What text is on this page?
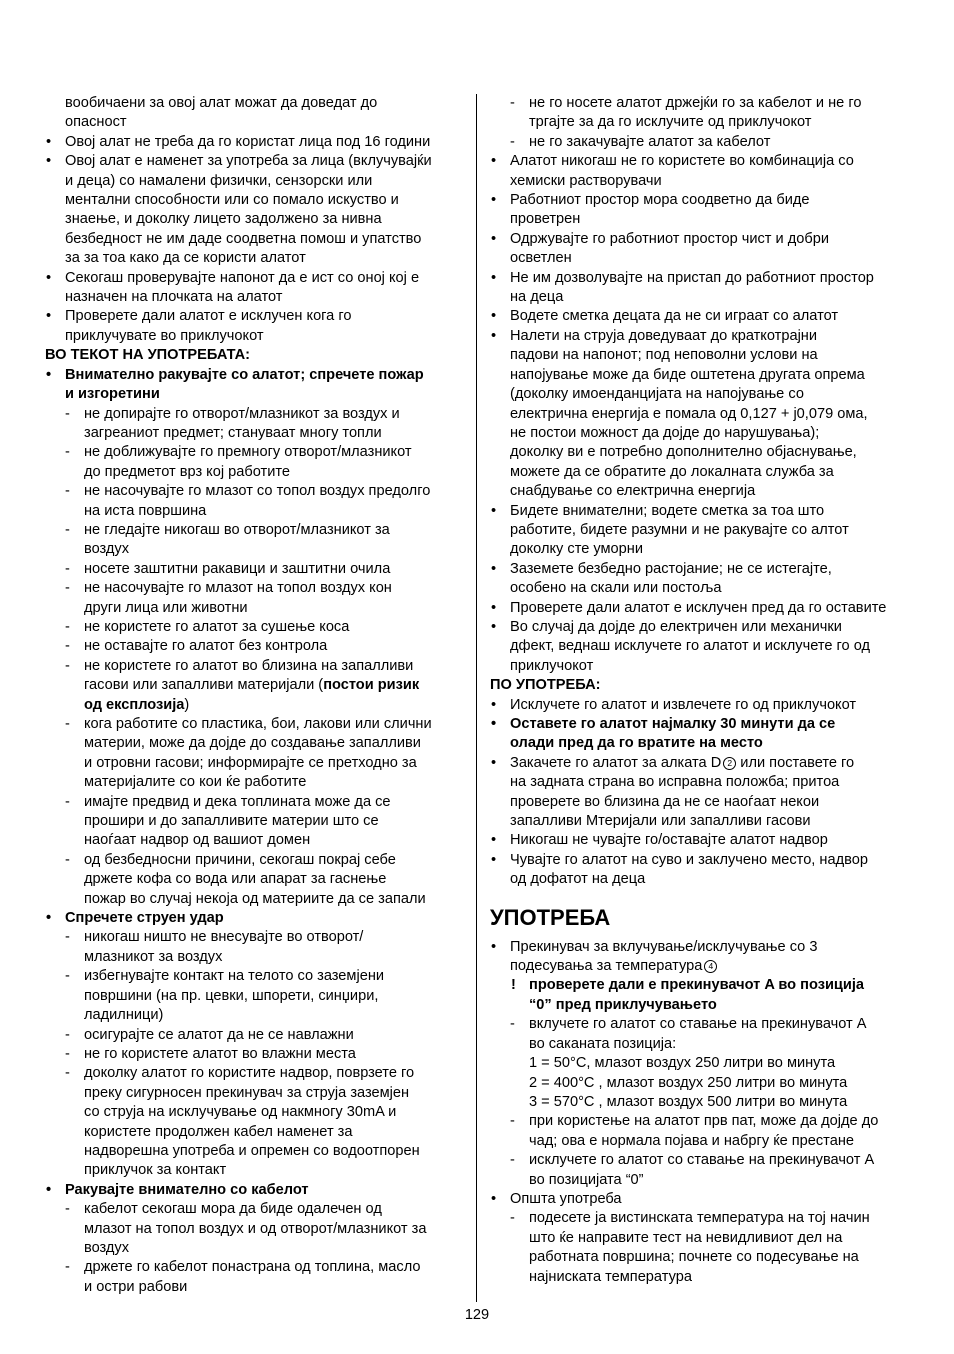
вообичаени за овој алат можат да доведат до
опасност
• Овој алат не треба да го користат лица под 16 години
• Овој алат е наменет за употреба за лица (вклучувајќи
и деца) со намалени физички, сензорски или
ментални способности или со помало искуство и
знаење, и доколку лицето задолжено за нивна
безбедност не им даде соодветна помош и упатство
за за тоа како да се користи алатот
• Секогаш проверувајте напонот да е ист со оној кој е
назначен на плочката на алатот
• Проверете дали алатот е исклучен кога го
приклучувате во приклучокот
ВО ТЕКОТ НА УПОТРЕБАТА:
• Внимателно ракувајте со алатот; спречете пожар
и изгоретини
- не допирајте го отворот/млазникот за воздух и
загреаниот предмет; стануваат многу топли
- не доближувајте го премногу отворот/млазникот
до предметот врз кој работите
- не насочувајте го млазот со топол воздух предолго
на иста површина
- не гледајте никогаш во отворот/млазникот за
воздух
- носете заштитни ракавици и заштитни очила
- не насочувајте го млазот на топол воздух кон
други лица или животни
- не користете го алатот за сушење коса
- не оставајте го алатот без контрола
- не користете го алатот во близина на запалливи
гасови или запалливи материјали (постои ризик
од експлозија)
- кога работите со пластика, бои, лакови или слични
материи, може да дојде до создавање запалливи
и отровни гасови; информирајте се претходно за
материјалите со кои ќе работите
- имајте предвид и дека топлината може да се
прошири и до запалливите материи што се
наоѓаат надвор од вашиот домен
- од безбедносни причини, секогаш покрај себе
држете кофа со вода или апарат за гаснење
пожар во случај некоја од материите да се запали
• Спречете струен удар
- никогаш ништо не внесувајте во отворот/
млазникот за воздух
- избегнувајте контакт на телото со заземјени
површини (на пр. цевки, шпорети, синџири,
ладилници)
- осигурајте се алатот да не се навлажни
- не го користете алатот во влажни места
- доколку алатот го користите надвор, поврзете го
преку сигурносен прекинувач за струја заземјен
со струја на исклучување од накмногу 30mA и
користете продолжен кабел наменет за
надворешна употреба и опремен со водоотпорен
приклучок за контакт
• Ракувајте внимателно со кабелот
- кабелот секогаш мора да биде одалечен од
млазот на топол воздух и од отворот/млазникот за
воздух
- држете го кабелот понастрана од топлина, масло
и остри рабови
- не го носете алатот држејќи го за кабелот и не го
тргајте за да го исклучите од приклучокот
- не го закачувајте алатот за кабелот
• Алатот никогаш не го користете во комбинација со
хемиски растворувачи
• Работниот простор мора соодветно да биде
проветрен
• Одржувајте го работниот простор чист и добри
осветлен
• Не им дозволувајте на пристап до работниот простор
на деца
• Водете сметка децата да не си играат со алатот
• Налети на струја доведуваат до краткотрајни
падови на напонот; под неповолни услови на
напојување може да биде оштетена другата опрема
(доколку имоенданцијата на напојување со
електрична енергија е помала од 0,127 + j0,079 ома,
не постои можност да дојде до нарушувања);
доколку ви е потребно дополнително објаснување,
можете да се обратите до локалната служба за
снабдување со електрична енергија
• Бидете внимателни; водете сметка за тоа што
работите, бидете разумни и не ракувајте со алтот
доколку сте уморни
• Заземете безбедно растојание; не се истегајте,
особено на скали или постоља
• Проверете дали алатот е исклучен пред да го оставите
• Во случај да дојде до електричен или механички
дфект, веднаш исклучете го алатот и исклучете го од
приклучокот
ПО УПОТРЕБА:
• Исклучете го алатот и извлечете го од приклучокот
• Оставете го алатот најмалку 30 минути да се
олади пред да го вратите на место
• Закачете го алатот за алката D 2 или поставете го
на задната страна во исправна положба; притоа
проверете во близина да не се наоѓаат некои
запалливи Мтеријали или запалливи гасови
• Никогаш не чувајте го/оставајте алатот надвор
• Чувајте го алатот на суво и заклучено место, надвор
од дофатот на деца
УПОТРЕБА
• Прекинувач за вклучување/исклучување со 3
подесувања за температура 4
! проверете дали е прекинувачот A во позиција
“0” пред приклучувањето
- вклучете го алатот со ставање на прекинувачот A
во саканата позиција:
1 = 50°C, млазот воздух 250 литри во минута
2 = 400°C , млазот воздух 250 литри во минута
3 = 570°C , млазот воздух 500 литри во минута
- при користење на алатот прв пат, може да дојде до
чад; ова е нормала појава и набргу ќе престане
- исклучете го алатот со ставање на прекинувачот A
во позицијата “0”
• Општа употреба
- подесете ја вистинската температура на тој начин
што ќе направите тест на невидливиот дел на
работната површина; почнете со подесување на
најниската температура
129
